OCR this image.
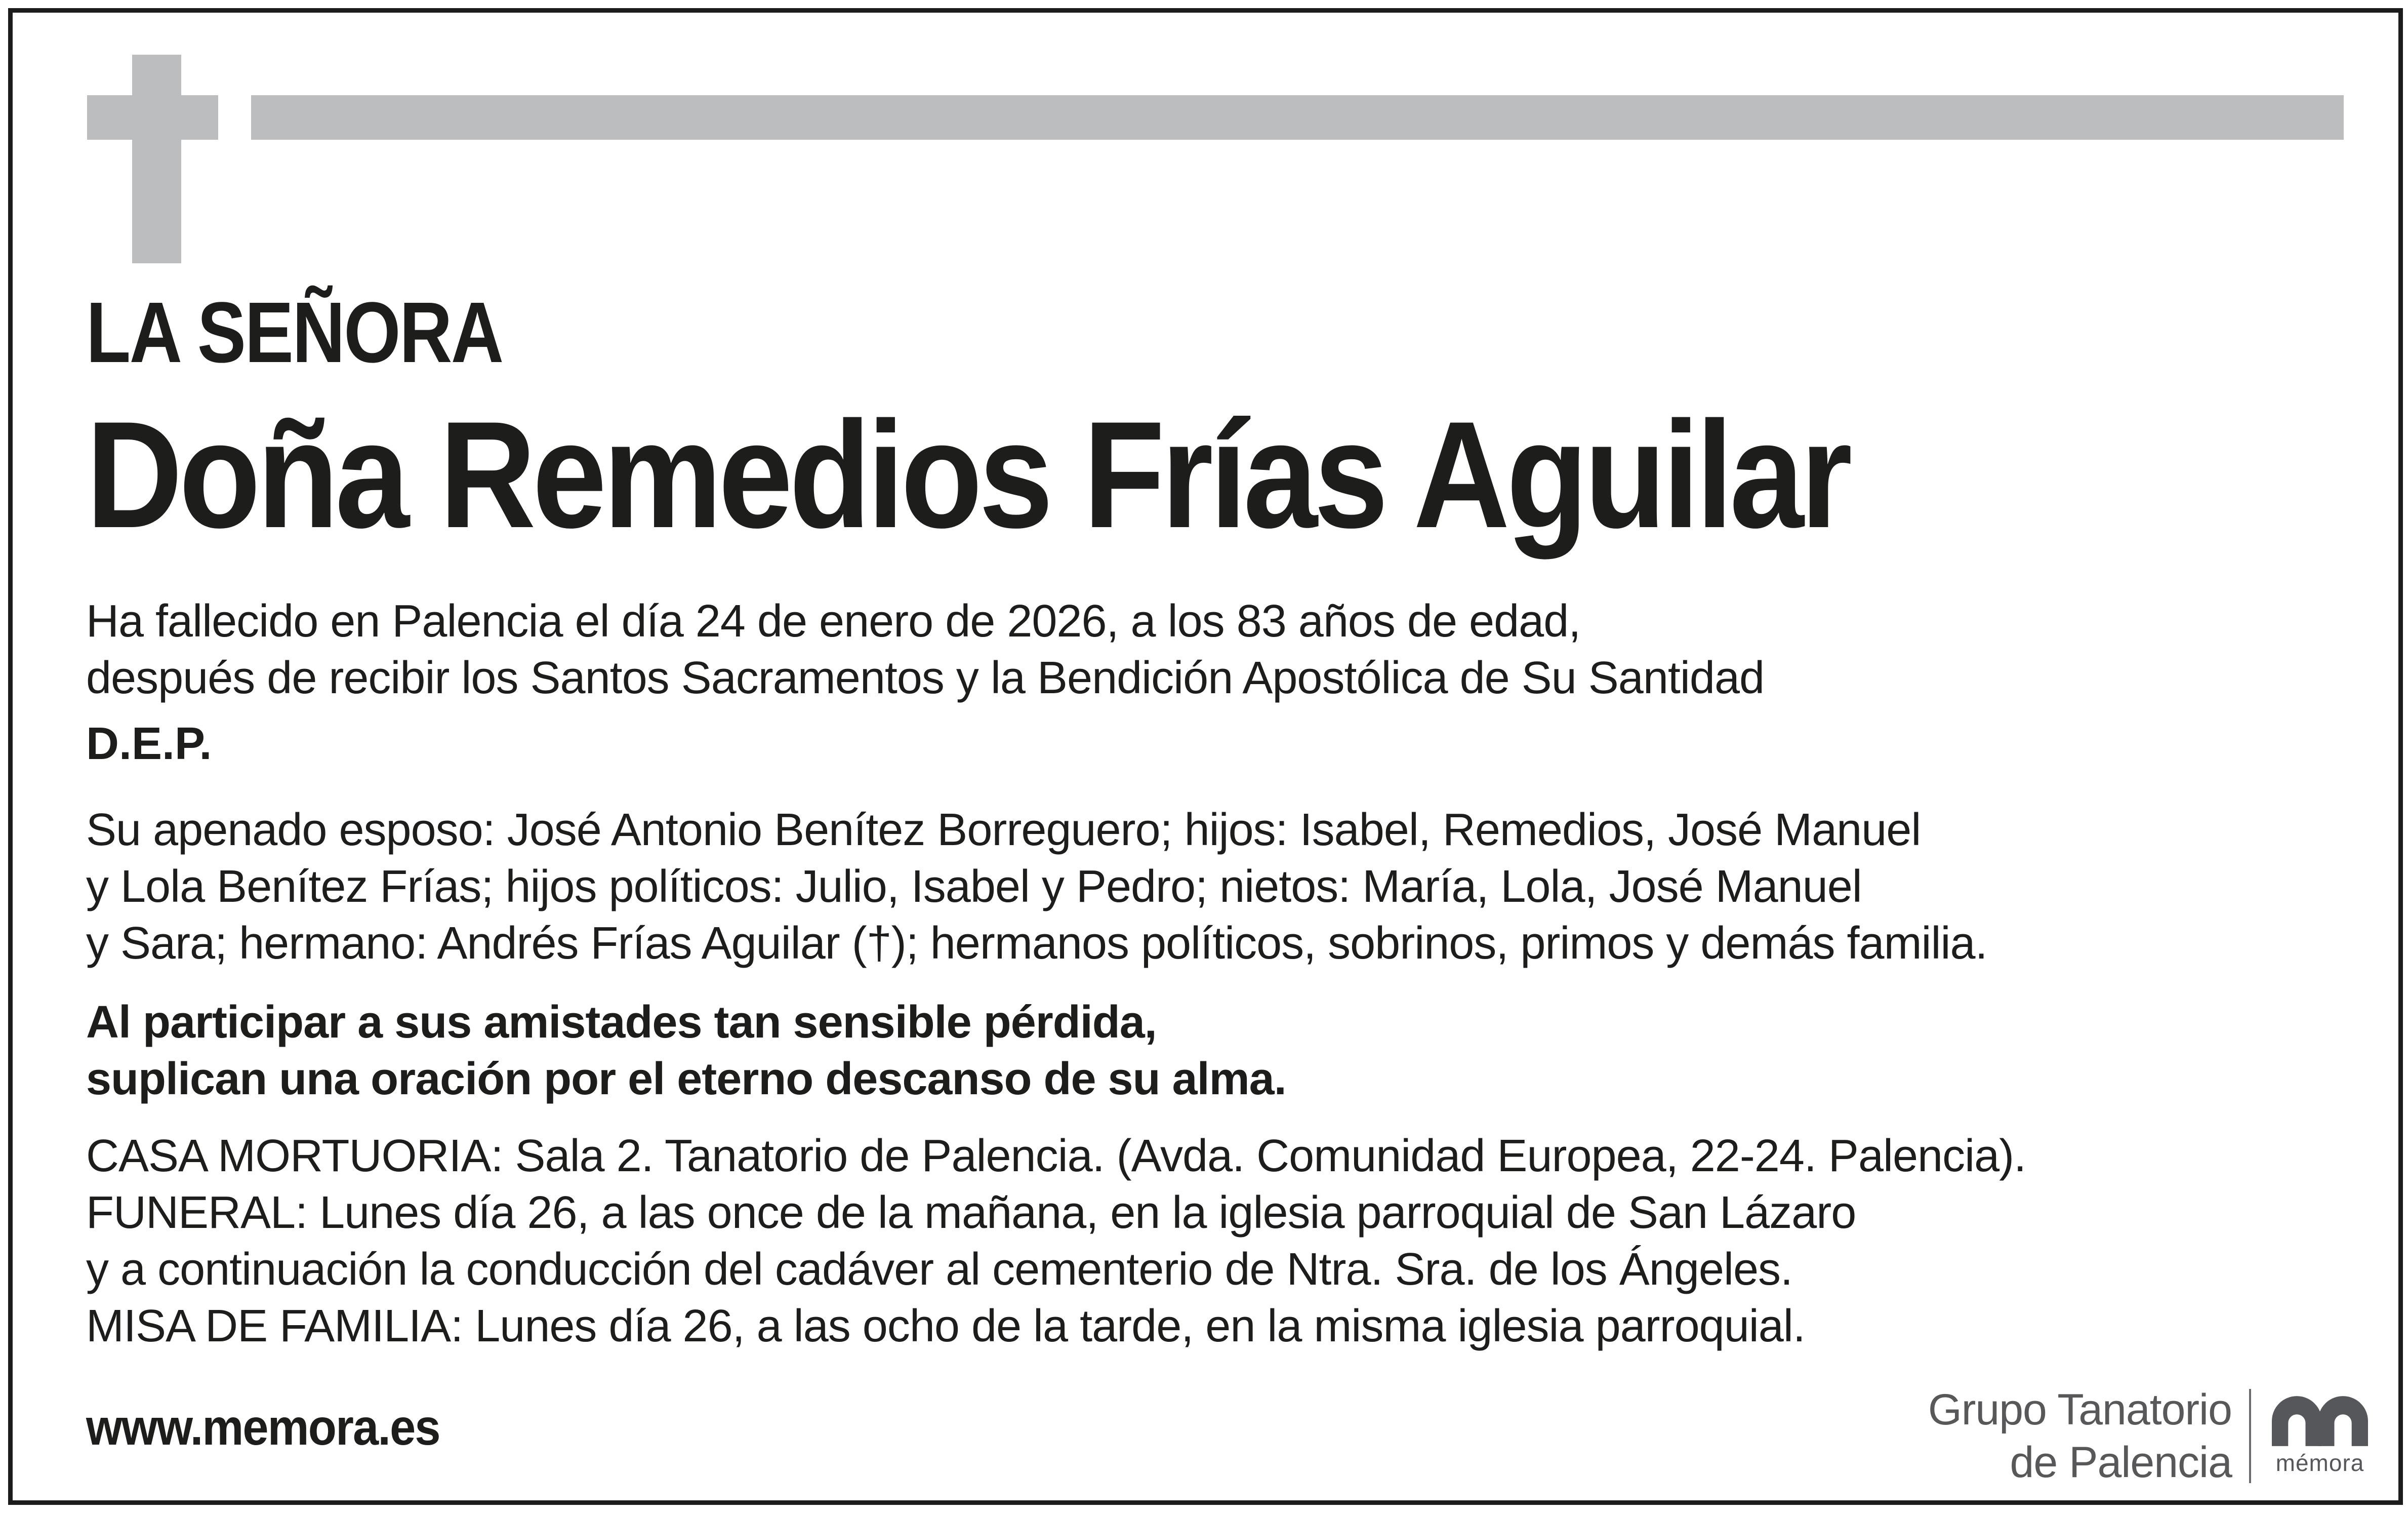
LA SEÑORA
Doña Remedios Frías Aguilar
Ha fallecido en Palencia el día 24 de enero de 2026, a los 83 años de edad,
después de recibir los Santos Sacramentos y la Bendición Apostólica de Su Santidad
D.E.P.
Su apenado esposo: José Antonio Benítez Borreguero; hijos: Isabel, Remedios, José Manuel
y Lola Benítez Frías; hijos políticos: Julio, Isabel y Pedro; nietos: María, Lola, José Manuel
y Sara; hermano: Andrés Frías Aguilar (†); hermanos políticos, sobrinos, primos y demás familia.
Al participar a sus amistades tan sensible pérdida,
suplican una oración por el eterno descanso de su alma.
CASA MORTUORIA: Sala 2. Tanatorio de Palencia. (Avda. Comunidad Europea, 22-24. Palencia).
FUNERAL: Lunes día 26, a las once de la mañana, en la iglesia parroquial de San Lázaro
y a continuación la conducción del cadáver al cementerio de Ntra. Sra. de los Ángeles.
MISA DE FAMILIA: Lunes día 26, a las ocho de la tarde, en la misma iglesia parroquial.
www.memora.es	Grupo Tanatorio
de Palencia mémora
